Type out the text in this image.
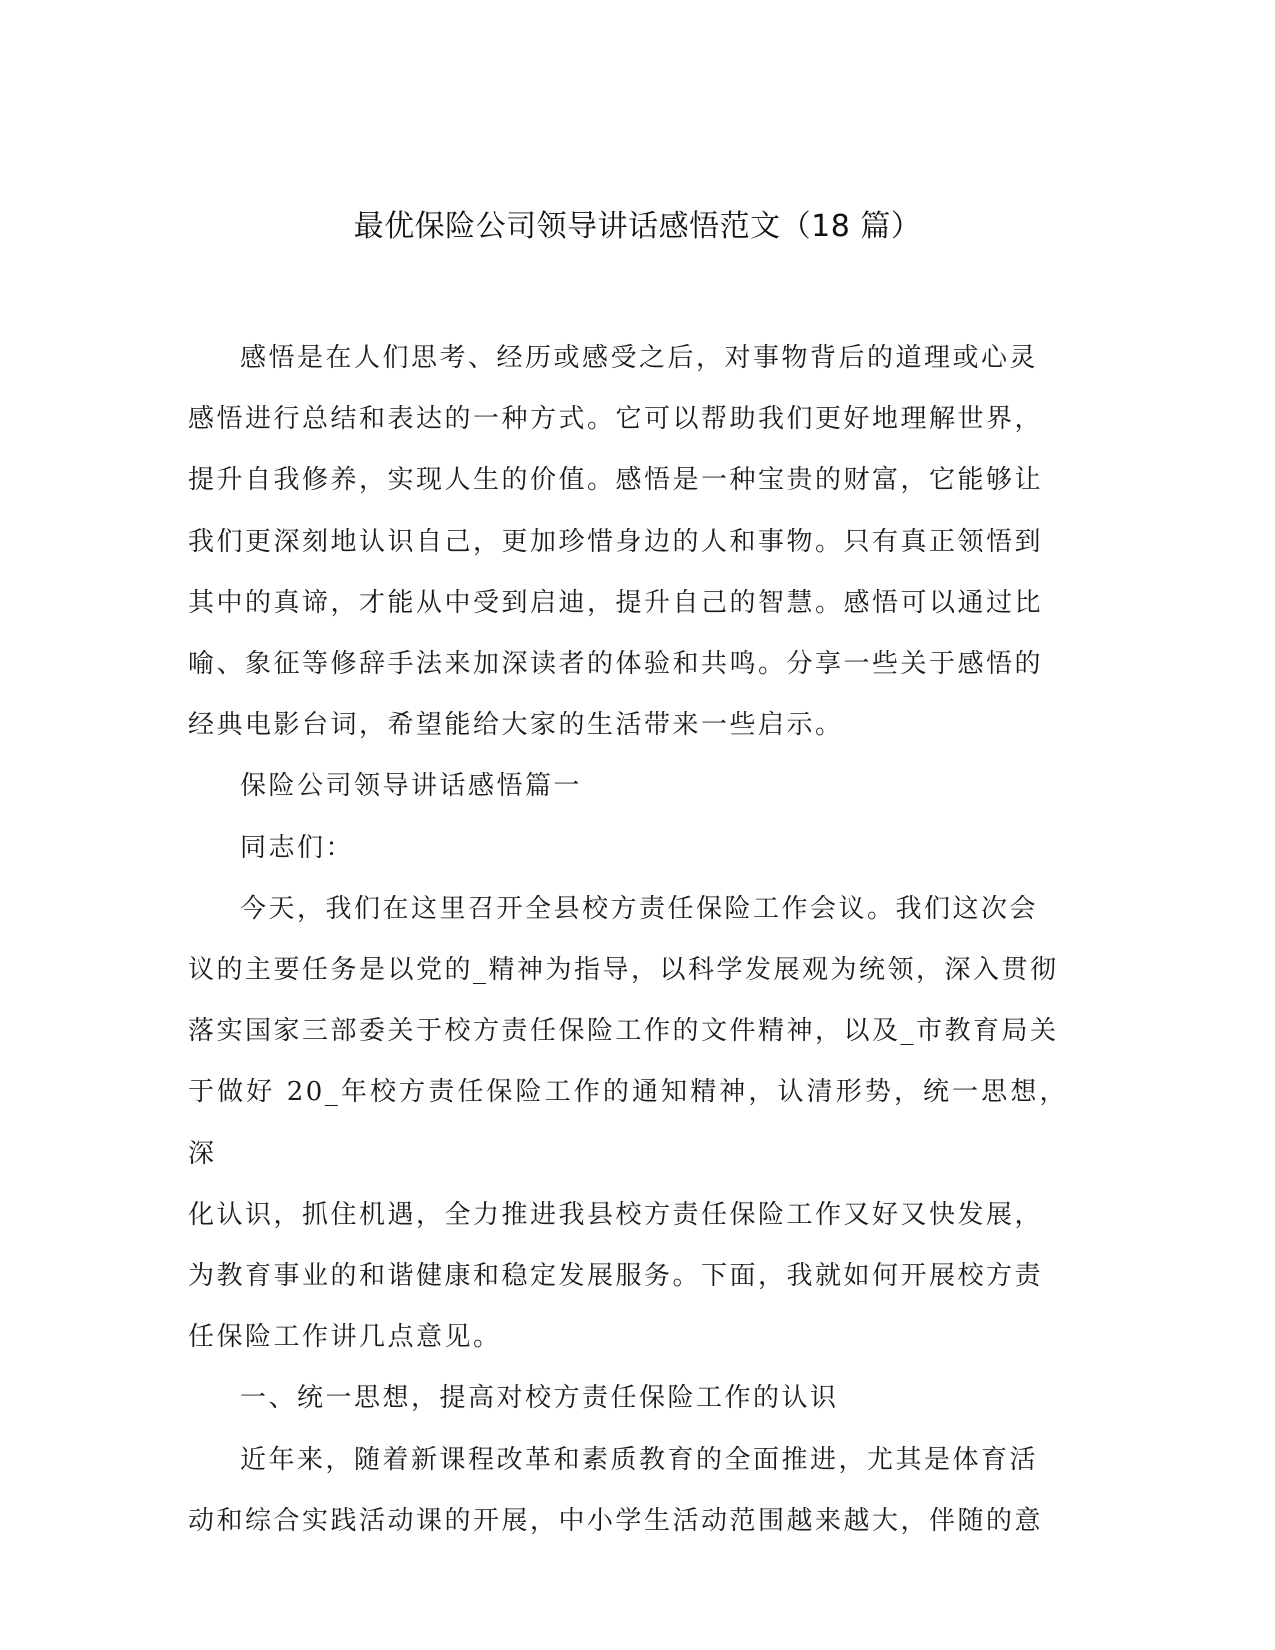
最优保险公司领导讲话感悟范文（18 篇）

感悟是在人们思考、经历或感受之后，对事物背后的道理或心灵
感悟进行总结和表达的一种方式。它可以帮助我们更好地理解世界，
提升自我修养，实现人生的价值。感悟是一种宝贵的财富，它能够让
我们更深刻地认识自己，更加珍惜身边的人和事物。只有真正领悟到
其中的真谛，才能从中受到启迪，提升自己的智慧。感悟可以通过比
喻、象征等修辞手法来加深读者的体验和共鸣。分享一些关于感悟的
经典电影台词，希望能给大家的生活带来一些启示。

保险公司领导讲话感悟篇一

同志们：

今天，我们在这里召开全县校方责任保险工作会议。我们这次会
议的主要任务是以党的_精神为指导，以科学发展观为统领，深入贯彻
落实国家三部委关于校方责任保险工作的文件精神，以及_市教育局关
于做好 20_年校方责任保险工作的通知精神，认清形势，统一思想，深
化认识，抓住机遇，全力推进我县校方责任保险工作又好又快发展，
为教育事业的和谐健康和稳定发展服务。下面，我就如何开展校方责
任保险工作讲几点意见。

一、统一思想，提高对校方责任保险工作的认识

近年来，随着新课程改革和素质教育的全面推进，尤其是体育活
动和综合实践活动课的开展，中小学生活动范围越来越大，伴随的意
